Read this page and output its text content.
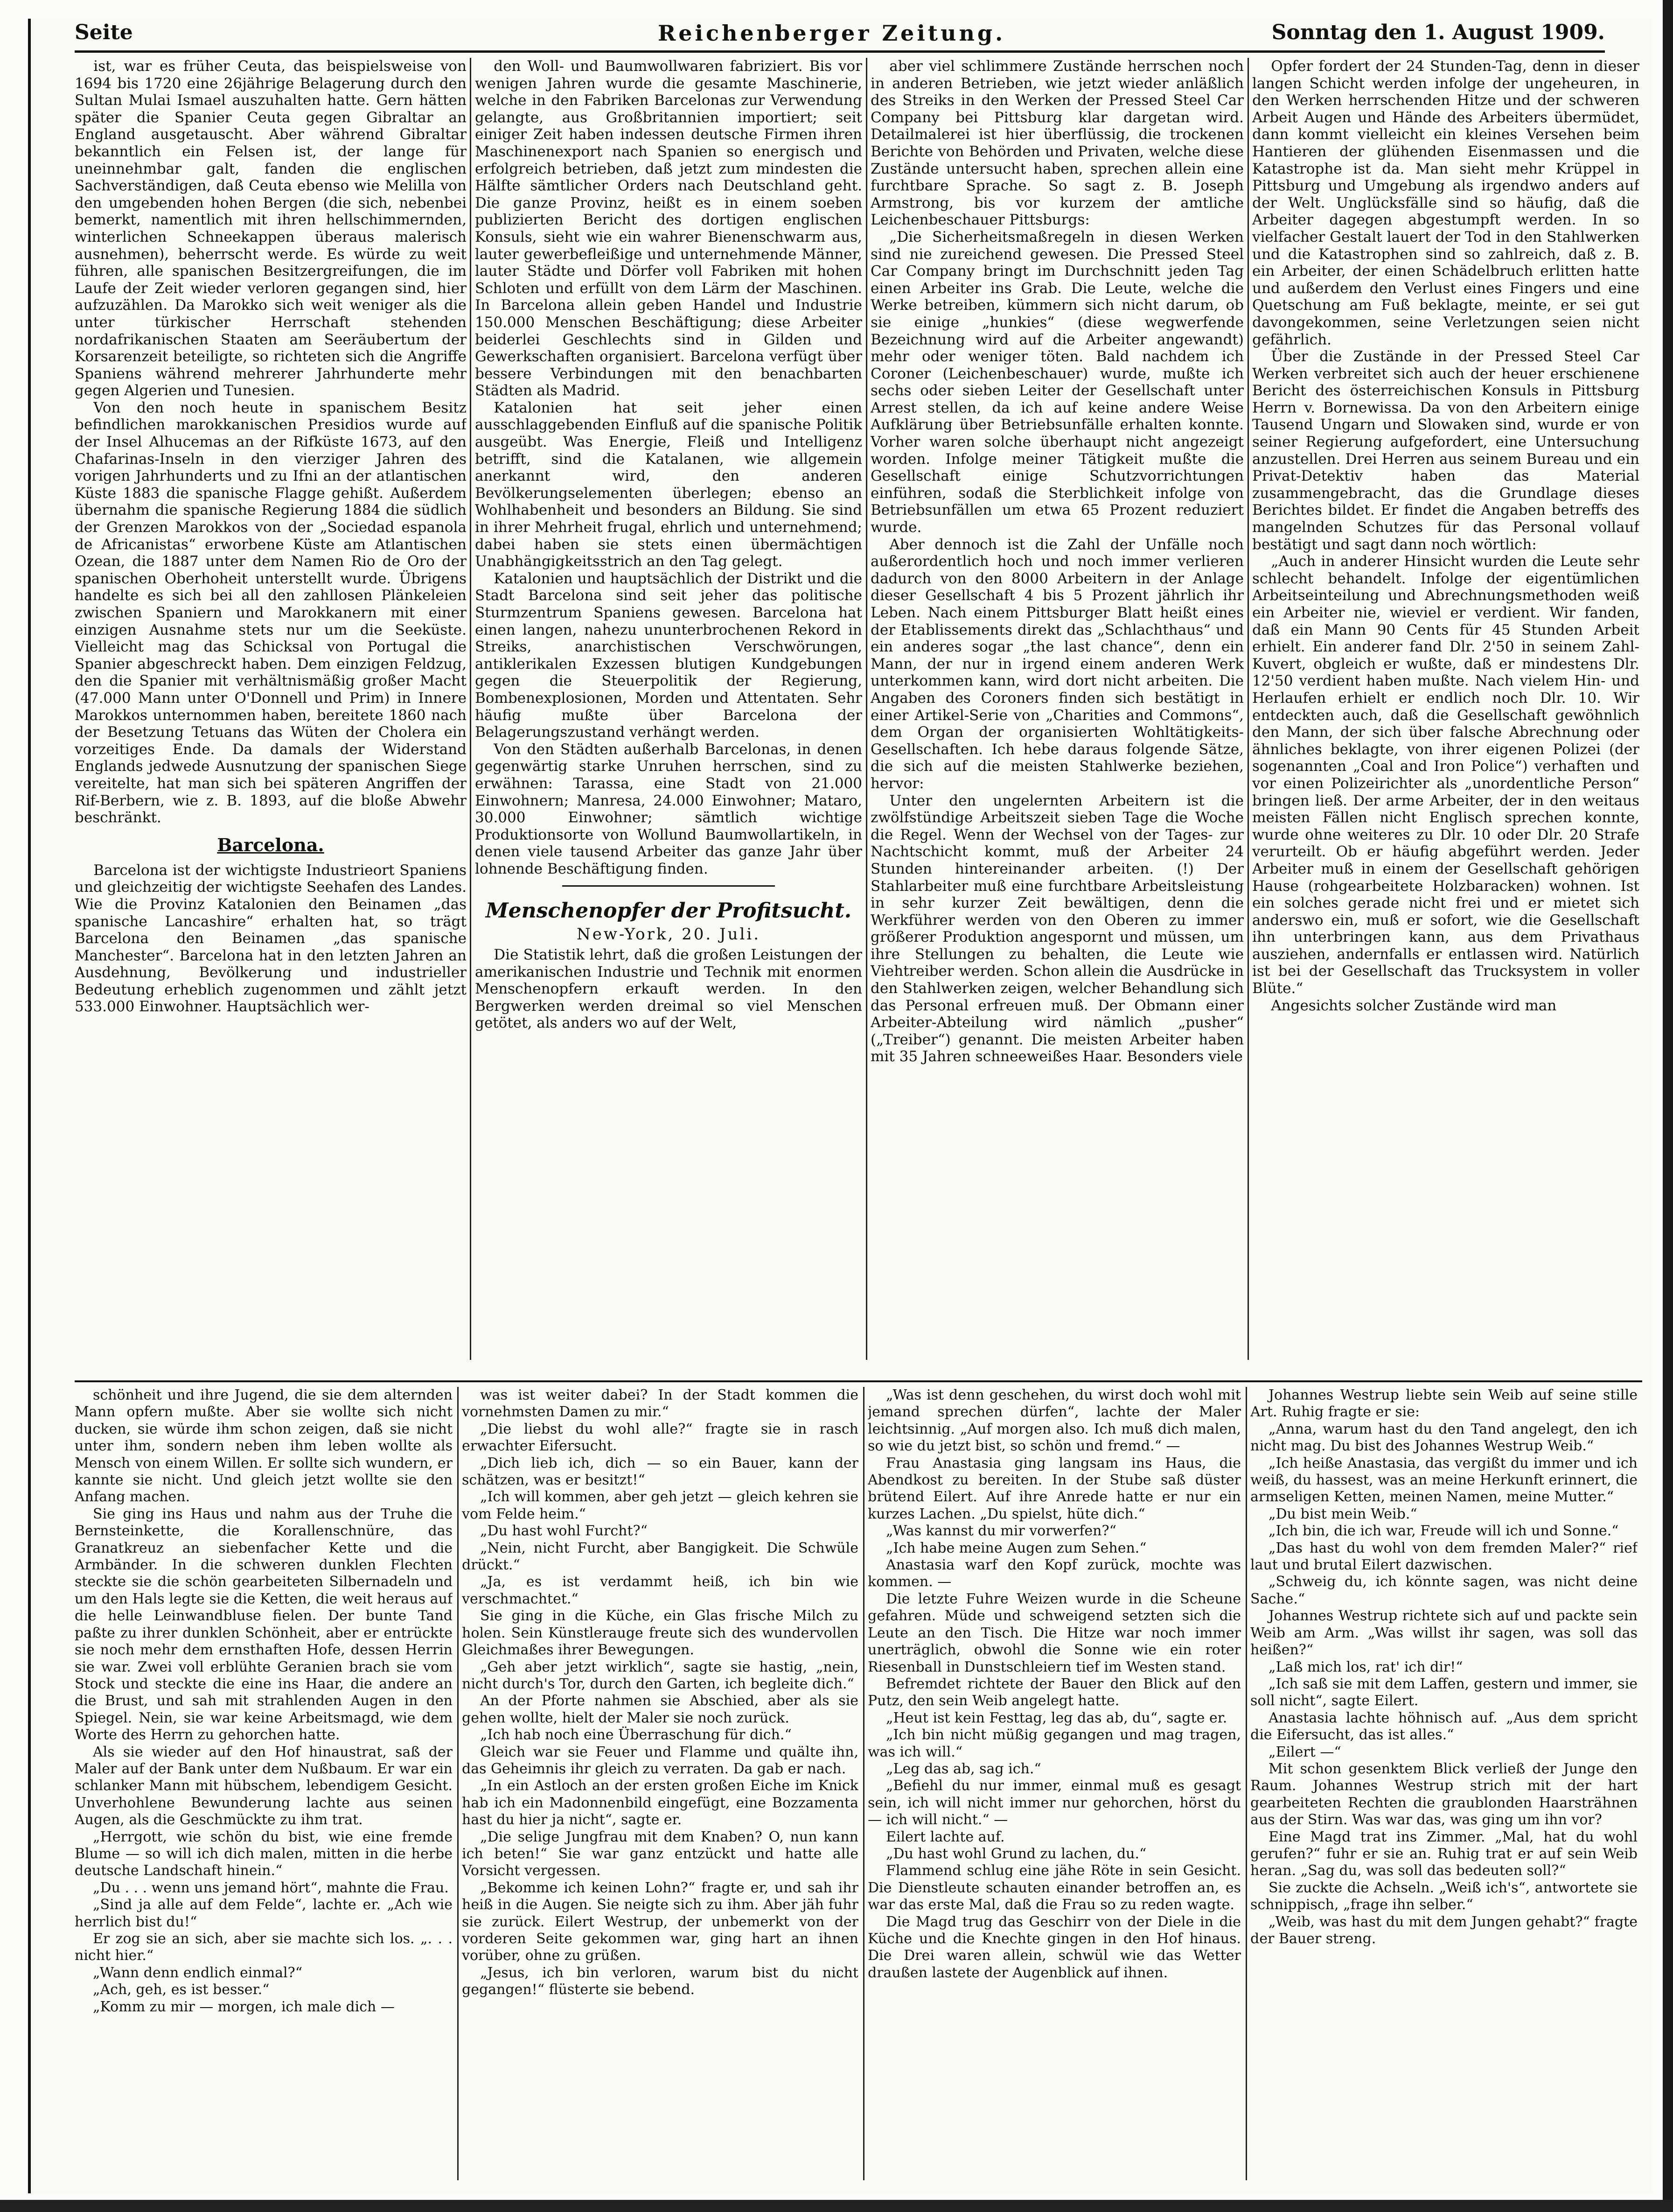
Seite	Reichenberger Zeitung.	Sonntag den 1. August 1909.

ist, war es früher Ceuta, das beispielsweise von 1694 bis 1720 eine 26jährige Belagerung durch den Sultan Mulai Ismael auszuhalten hatte. Gern hätten später die Spanier Ceuta gegen Gibraltar an England ausgetauscht. Aber während Gibraltar bekanntlich ein Felsen ist, der lange für uneinnehmbar galt, fanden die englischen Sachverständigen, daß Ceuta ebenso wie Melilla von den umgebenden hohen Bergen (die sich, nebenbei bemerkt, namentlich mit ihren hellschimmernden, winterlichen Schneekappen überaus malerisch ausnehmen), beherrscht werde. Es würde zu weit führen, alle spanischen Besitzergreifungen, die im Laufe der Zeit wieder verloren gegangen sind, hier aufzuzählen. Da Marokko sich weit weniger als die unter türkischer Herrschaft stehenden nordafrikanischen Staaten am Seeräubertum der Korsarenzeit beteiligte, so richteten sich die Angriffe Spaniens während mehrerer Jahrhunderte mehr gegen Algerien und Tunesien.

Von den noch heute in spanischem Besitz befindlichen marokkanischen Presidios wurde auf der Insel Alhucemas an der Rifküste 1673, auf den Chafarinas-Inseln in den vierziger Jahren des vorigen Jahrhunderts und zu Ifni an der atlantischen Küste 1883 die spanische Flagge gehißt. Außerdem übernahm die spanische Regierung 1884 die südlich der Grenzen Marokkos von der „Sociedad espanola de Africanistas“ erworbene Küste am Atlantischen Ozean, die 1887 unter dem Namen Rio de Oro der spanischen Oberhoheit unterstellt wurde. Übrigens handelte es sich bei all den zahllosen Plänkeleien zwischen Spaniern und Marokkanern mit einer einzigen Ausnahme stets nur um die Seeküste. Vielleicht mag das Schicksal von Portugal die Spanier abgeschreckt haben. Dem einzigen Feldzug, den die Spanier mit verhältnismäßig großer Macht (47.000 Mann unter O'Donnell und Prim) in Innere Marokkos unternommen haben, bereitete 1860 nach der Besetzung Tetuans das Wüten der Cholera ein vorzeitiges Ende. Da damals der Widerstand Englands jedwede Ausnutzung der spanischen Siege vereitelte, hat man sich bei späteren Angriffen der Rif-Berbern, wie z. B. 1893, auf die bloße Abwehr beschränkt.

Barcelona.

Barcelona ist der wichtigste Industrieort Spaniens und gleichzeitig der wichtigste Seehafen des Landes. Wie die Provinz Katalonien den Beinamen „das spanische Lancashire“ erhalten hat, so trägt Barcelona den Beinamen „das spanische Manchester“. Barcelona hat in den letzten Jahren an Ausdehnung, Bevölkerung und industrieller Bedeutung erheblich zugenommen und zählt jetzt 533.000 Einwohner. Hauptsächlich wer-

den Woll- und Baumwollwaren fabriziert. Bis vor wenigen Jahren wurde die gesamte Maschinerie, welche in den Fabriken Barcelonas zur Verwendung gelangte, aus Großbritannien importiert; seit einiger Zeit haben indessen deutsche Firmen ihren Maschinenexport nach Spanien so energisch und erfolgreich betrieben, daß jetzt zum mindesten die Hälfte sämtlicher Orders nach Deutschland geht. Die ganze Provinz, heißt es in einem soeben publizierten Bericht des dortigen englischen Konsuls, sieht wie ein wahrer Bienenschwarm aus, lauter gewerbefleißige und unternehmende Männer, lauter Städte und Dörfer voll Fabriken mit hohen Schloten und erfüllt von dem Lärm der Maschinen. In Barcelona allein geben Handel und Industrie 150.000 Menschen Beschäftigung; diese Arbeiter beiderlei Geschlechts sind in Gilden und Gewerkschaften organisiert. Barcelona verfügt über bessere Verbindungen mit den benachbarten Städten als Madrid.

Katalonien hat seit jeher einen ausschlaggebenden Einfluß auf die spanische Politik ausgeübt. Was Energie, Fleiß und Intelligenz betrifft, sind die Katalanen, wie allgemein anerkannt wird, den anderen Bevölkerungselementen überlegen; ebenso an Wohlhabenheit und besonders an Bildung. Sie sind in ihrer Mehrheit frugal, ehrlich und unternehmend; dabei haben sie stets einen übermächtigen Unabhängigkeitsstrich an den Tag gelegt.

Katalonien und hauptsächlich der Distrikt und die Stadt Barcelona sind seit jeher das politische Sturmzentrum Spaniens gewesen. Barcelona hat einen langen, nahezu ununterbrochenen Rekord in Streiks, anarchistischen Verschwörungen, antiklerikalen Exzessen blutigen Kundgebungen gegen die Steuerpolitik der Regierung, Bombenexplosionen, Morden und Attentaten. Sehr häufig mußte über Barcelona der Belagerungszustand verhängt werden.

Von den Städten außerhalb Barcelonas, in denen gegenwärtig starke Unruhen herrschen, sind zu erwähnen: Tarassa, eine Stadt von 21.000 Einwohnern; Manresa, 24.000 Einwohner; Mataro, 30.000 Einwohner; sämtlich wichtige Produktionsorte von Wollund Baumwollartikeln, in denen viele tausend Arbeiter das ganze Jahr über lohnende Beschäftigung finden.

Menschenopfer der Profitsucht.
New-York, 20. Juli.

Die Statistik lehrt, daß die großen Leistungen der amerikanischen Industrie und Technik mit enormen Menschenopfern erkauft werden. In den Bergwerken werden dreimal so viel Menschen getötet, als anders wo auf der Welt,

aber viel schlimmere Zustände herrschen noch in anderen Betrieben, wie jetzt wieder anläßlich des Streiks in den Werken der Pressed Steel Car Company bei Pittsburg klar dargetan wird. Detailmalerei ist hier überflüssig, die trockenen Berichte von Behörden und Privaten, welche diese Zustände untersucht haben, sprechen allein eine furchtbare Sprache. So sagt z. B. Joseph Armstrong, bis vor kurzem der amtliche Leichenbeschauer Pittsburgs:

„Die Sicherheitsmaßregeln in diesen Werken sind nie zureichend gewesen. Die Pressed Steel Car Company bringt im Durchschnitt jeden Tag einen Arbeiter ins Grab. Die Leute, welche die Werke betreiben, kümmern sich nicht darum, ob sie einige „hunkies“ (diese wegwerfende Bezeichnung wird auf die Arbeiter angewandt) mehr oder weniger töten. Bald nachdem ich Coroner (Leichenbeschauer) wurde, mußte ich sechs oder sieben Leiter der Gesellschaft unter Arrest stellen, da ich auf keine andere Weise Aufklärung über Betriebsunfälle erhalten konnte. Vorher waren solche überhaupt nicht angezeigt worden. Infolge meiner Tätigkeit mußte die Gesellschaft einige Schutzvorrichtungen einführen, sodaß die Sterblichkeit infolge von Betriebsunfällen um etwa 65 Prozent reduziert wurde.

Aber dennoch ist die Zahl der Unfälle noch außerordentlich hoch und noch immer verlieren dadurch von den 8000 Arbeitern in der Anlage dieser Gesellschaft 4 bis 5 Prozent jährlich ihr Leben. Nach einem Pittsburger Blatt heißt eines der Etablissements direkt das „Schlachthaus“ und ein anderes sogar „the last chance“, denn ein Mann, der nur in irgend einem anderen Werk unterkommen kann, wird dort nicht arbeiten. Die Angaben des Coroners finden sich bestätigt in einer Artikel-Serie von „Charities and Commons“, dem Organ der organisierten Wohltätigkeits-Gesellschaften. Ich hebe daraus folgende Sätze, die sich auf die meisten Stahlwerke beziehen, hervor:

Unter den ungelernten Arbeitern ist die zwölfstündige Arbeitszeit sieben Tage die Woche die Regel. Wenn der Wechsel von der Tages- zur Nachtschicht kommt, muß der Arbeiter 24 Stunden hintereinander arbeiten. (!) Der Stahlarbeiter muß eine furchtbare Arbeitsleistung in sehr kurzer Zeit bewältigen, denn die Werkführer werden von den Oberen zu immer größerer Produktion angespornt und müssen, um ihre Stellungen zu behalten, die Leute wie Viehtreiber werden. Schon allein die Ausdrücke in den Stahlwerken zeigen, welcher Behandlung sich das Personal erfreuen muß. Der Obmann einer Arbeiter-Abteilung wird nämlich „pusher“ („Treiber“) genannt. Die meisten Arbeiter haben mit 35 Jahren schneeweißes Haar. Besonders viele

Opfer fordert der 24 Stunden-Tag, denn in dieser langen Schicht werden infolge der ungeheuren, in den Werken herrschenden Hitze und der schweren Arbeit Augen und Hände des Arbeiters übermüdet, dann kommt vielleicht ein kleines Versehen beim Hantieren der glühenden Eisenmassen und die Katastrophe ist da. Man sieht mehr Krüppel in Pittsburg und Umgebung als irgendwo anders auf der Welt. Unglücksfälle sind so häufig, daß die Arbeiter dagegen abgestumpft werden. In so vielfacher Gestalt lauert der Tod in den Stahlwerken und die Katastrophen sind so zahlreich, daß z. B. ein Arbeiter, der einen Schädelbruch erlitten hatte und außerdem den Verlust eines Fingers und eine Quetschung am Fuß beklagte, meinte, er sei gut davongekommen, seine Verletzungen seien nicht gefährlich.

Über die Zustände in der Pressed Steel Car Werken verbreitet sich auch der heuer erschienene Bericht des österreichischen Konsuls in Pittsburg Herrn v. Bornewissa. Da von den Arbeitern einige Tausend Ungarn und Slowaken sind, wurde er von seiner Regierung aufgefordert, eine Untersuchung anzustellen. Drei Herren aus seinem Bureau und ein Privat-Detektiv haben das Material zusammengebracht, das die Grundlage dieses Berichtes bildet. Er findet die Angaben betreffs des mangelnden Schutzes für das Personal vollauf bestätigt und sagt dann noch wörtlich:

„Auch in anderer Hinsicht wurden die Leute sehr schlecht behandelt. Infolge der eigentümlichen Arbeitseinteilung und Abrechnungsmethoden weiß ein Arbeiter nie, wieviel er verdient. Wir fanden, daß ein Mann 90 Cents für 45 Stunden Arbeit erhielt. Ein anderer fand Dlr. 2'50 in seinem Zahl-Kuvert, obgleich er wußte, daß er mindestens Dlr. 12'50 verdient haben mußte. Nach vielem Hin- und Herlaufen erhielt er endlich noch Dlr. 10. Wir entdeckten auch, daß die Gesellschaft gewöhnlich den Mann, der sich über falsche Abrechnung oder ähnliches beklagte, von ihrer eigenen Polizei (der sogenannten „Coal and Iron Police“) verhaften und vor einen Polizeirichter als „unordentliche Person“ bringen ließ. Der arme Arbeiter, der in den weitaus meisten Fällen nicht Englisch sprechen konnte, wurde ohne weiteres zu Dlr. 10 oder Dlr. 20 Strafe verurteilt. Ob er häufig abgeführt werden. Jeder Arbeiter muß in einem der Gesellschaft gehörigen Hause (rohgearbeitete Holzbaracken) wohnen. Ist ein solches gerade nicht frei und er mietet sich anderswo ein, muß er sofort, wie die Gesellschaft ihn unterbringen kann, aus dem Privathaus ausziehen, andernfalls er entlassen wird. Natürlich ist bei der Gesellschaft das Trucksystem in voller Blüte.“

Angesichts solcher Zustände wird man

schönheit und ihre Jugend, die sie dem alternden Mann opfern mußte. Aber sie wollte sich nicht ducken, sie würde ihm schon zeigen, daß sie nicht unter ihm, sondern neben ihm leben wollte als Mensch von einem Willen. Er sollte sich wundern, er kannte sie nicht. Und gleich jetzt wollte sie den Anfang machen.

Sie ging ins Haus und nahm aus der Truhe die Bernsteinkette, die Korallenschnüre, das Granatkreuz an siebenfacher Kette und die Armbänder. In die schweren dunklen Flechten steckte sie die schön gearbeiteten Silbernadeln und um den Hals legte sie die Ketten, die weit heraus auf die helle Leinwandbluse fielen. Der bunte Tand paßte zu ihrer dunklen Schönheit, aber er entrückte sie noch mehr dem ernsthaften Hofe, dessen Herrin sie war. Zwei voll erblühte Geranien brach sie vom Stock und steckte die eine ins Haar, die andere an die Brust, und sah mit strahlenden Augen in den Spiegel. Nein, sie war keine Arbeitsmagd, wie dem Worte des Herrn zu gehorchen hatte.

Als sie wieder auf den Hof hinaustrat, saß der Maler auf der Bank unter dem Nußbaum. Er war ein schlanker Mann mit hübschem, lebendigem Gesicht. Unverhohlene Bewunderung lachte aus seinen Augen, als die Geschmückte zu ihm trat.

„Herrgott, wie schön du bist, wie eine fremde Blume — so will ich dich malen, mitten in die herbe deutsche Landschaft hinein.“

„Du . . . wenn uns jemand hört“, mahnte die Frau.

„Sind ja alle auf dem Felde“, lachte er. „Ach wie herrlich bist du!“

Er zog sie an sich, aber sie machte sich los. „. . . nicht hier.“

„Wann denn endlich einmal?“

„Ach, geh, es ist besser.“

„Komm zu mir — morgen, ich male dich —

was ist weiter dabei? In der Stadt kommen die vornehmsten Damen zu mir.“

„Die liebst du wohl alle?“ fragte sie in rasch erwachter Eifersucht.

„Dich lieb ich, dich — so ein Bauer, kann der schätzen, was er besitzt!“

„Ich will kommen, aber geh jetzt — gleich kehren sie vom Felde heim.“

„Du hast wohl Furcht?“

„Nein, nicht Furcht, aber Bangigkeit. Die Schwüle drückt.“

„Ja, es ist verdammt heiß, ich bin wie verschmachtet.“

Sie ging in die Küche, ein Glas frische Milch zu holen. Sein Künstlerauge freute sich des wundervollen Gleichmaßes ihrer Bewegungen.

„Geh aber jetzt wirklich“, sagte sie hastig, „nein, nicht durch's Tor, durch den Garten, ich begleite dich.“

An der Pforte nahmen sie Abschied, aber als sie gehen wollte, hielt der Maler sie noch zurück.

„Ich hab noch eine Überraschung für dich.“

Gleich war sie Feuer und Flamme und quälte ihn, das Geheimnis ihr gleich zu verraten. Da gab er nach.

„In ein Astloch an der ersten großen Eiche im Knick hab ich ein Madonnenbild eingefügt, eine Bozzamenta hast du hier ja nicht“, sagte er.

„Die selige Jungfrau mit dem Knaben? O, nun kann ich beten!“ Sie war ganz entzückt und hatte alle Vorsicht vergessen.

„Bekomme ich keinen Lohn?“ fragte er, und sah ihr heiß in die Augen. Sie neigte sich zu ihm. Aber jäh fuhr sie zurück. Eilert Westrup, der unbemerkt von der vorderen Seite gekommen war, ging hart an ihnen vorüber, ohne zu grüßen.

„Jesus, ich bin verloren, warum bist du nicht gegangen!“ flüsterte sie bebend.

„Was ist denn geschehen, du wirst doch wohl mit jemand sprechen dürfen“, lachte der Maler leichtsinnig. „Auf morgen also. Ich muß dich malen, so wie du jetzt bist, so schön und fremd.“ —

Frau Anastasia ging langsam ins Haus, die Abendkost zu bereiten. In der Stube saß düster brütend Eilert. Auf ihre Anrede hatte er nur ein kurzes Lachen. „Du spielst, hüte dich.“

„Was kannst du mir vorwerfen?“

„Ich habe meine Augen zum Sehen.“

Anastasia warf den Kopf zurück, mochte was kommen. —

Die letzte Fuhre Weizen wurde in die Scheune gefahren. Müde und schweigend setzten sich die Leute an den Tisch. Die Hitze war noch immer unerträglich, obwohl die Sonne wie ein roter Riesenball in Dunstschleiern tief im Westen stand.

Befremdet richtete der Bauer den Blick auf den Putz, den sein Weib angelegt hatte.

„Heut ist kein Festtag, leg das ab, du“, sagte er.

„Ich bin nicht müßig gegangen und mag tragen, was ich will.“

„Leg das ab, sag ich.“

„Befiehl du nur immer, einmal muß es gesagt sein, ich will nicht immer nur gehorchen, hörst du — ich will nicht.“ —

Eilert lachte auf.

„Du hast wohl Grund zu lachen, du.“

Flammend schlug eine jähe Röte in sein Gesicht. Die Dienstleute schauten einander betroffen an, es war das erste Mal, daß die Frau so zu reden wagte.

Die Magd trug das Geschirr von der Diele in die Küche und die Knechte gingen in den Hof hinaus. Die Drei waren allein, schwül wie das Wetter draußen lastete der Augenblick auf ihnen.

Johannes Westrup liebte sein Weib auf seine stille Art. Ruhig fragte er sie:

„Anna, warum hast du den Tand angelegt, den ich nicht mag. Du bist des Johannes Westrup Weib.“

„Ich heiße Anastasia, das vergißt du immer und ich weiß, du hassest, was an meine Herkunft erinnert, die armseligen Ketten, meinen Namen, meine Mutter.“

„Du bist mein Weib.“

„Ich bin, die ich war, Freude will ich und Sonne.“

„Das hast du wohl von dem fremden Maler?“ rief laut und brutal Eilert dazwischen.

„Schweig du, ich könnte sagen, was nicht deine Sache.“

Johannes Westrup richtete sich auf und packte sein Weib am Arm. „Was willst ihr sagen, was soll das heißen?“

„Laß mich los, rat' ich dir!“

„Ich saß sie mit dem Laffen, gestern und immer, sie soll nicht“, sagte Eilert.

Anastasia lachte höhnisch auf. „Aus dem spricht die Eifersucht, das ist alles.“

„Eilert —“

Mit schon gesenktem Blick verließ der Junge den Raum. Johannes Westrup strich mit der hart gearbeiteten Rechten die graublonden Haarsträhnen aus der Stirn. Was war das, was ging um ihn vor?

Eine Magd trat ins Zimmer. „Mal, hat du wohl gerufen?“ fuhr er sie an. Ruhig trat er auf sein Weib heran. „Sag du, was soll das bedeuten soll?“

Sie zuckte die Achseln. „Weiß ich's“, antwortete sie schnippisch, „frage ihn selber.“

„Weib, was hast du mit dem Jungen gehabt?“ fragte der Bauer streng.
